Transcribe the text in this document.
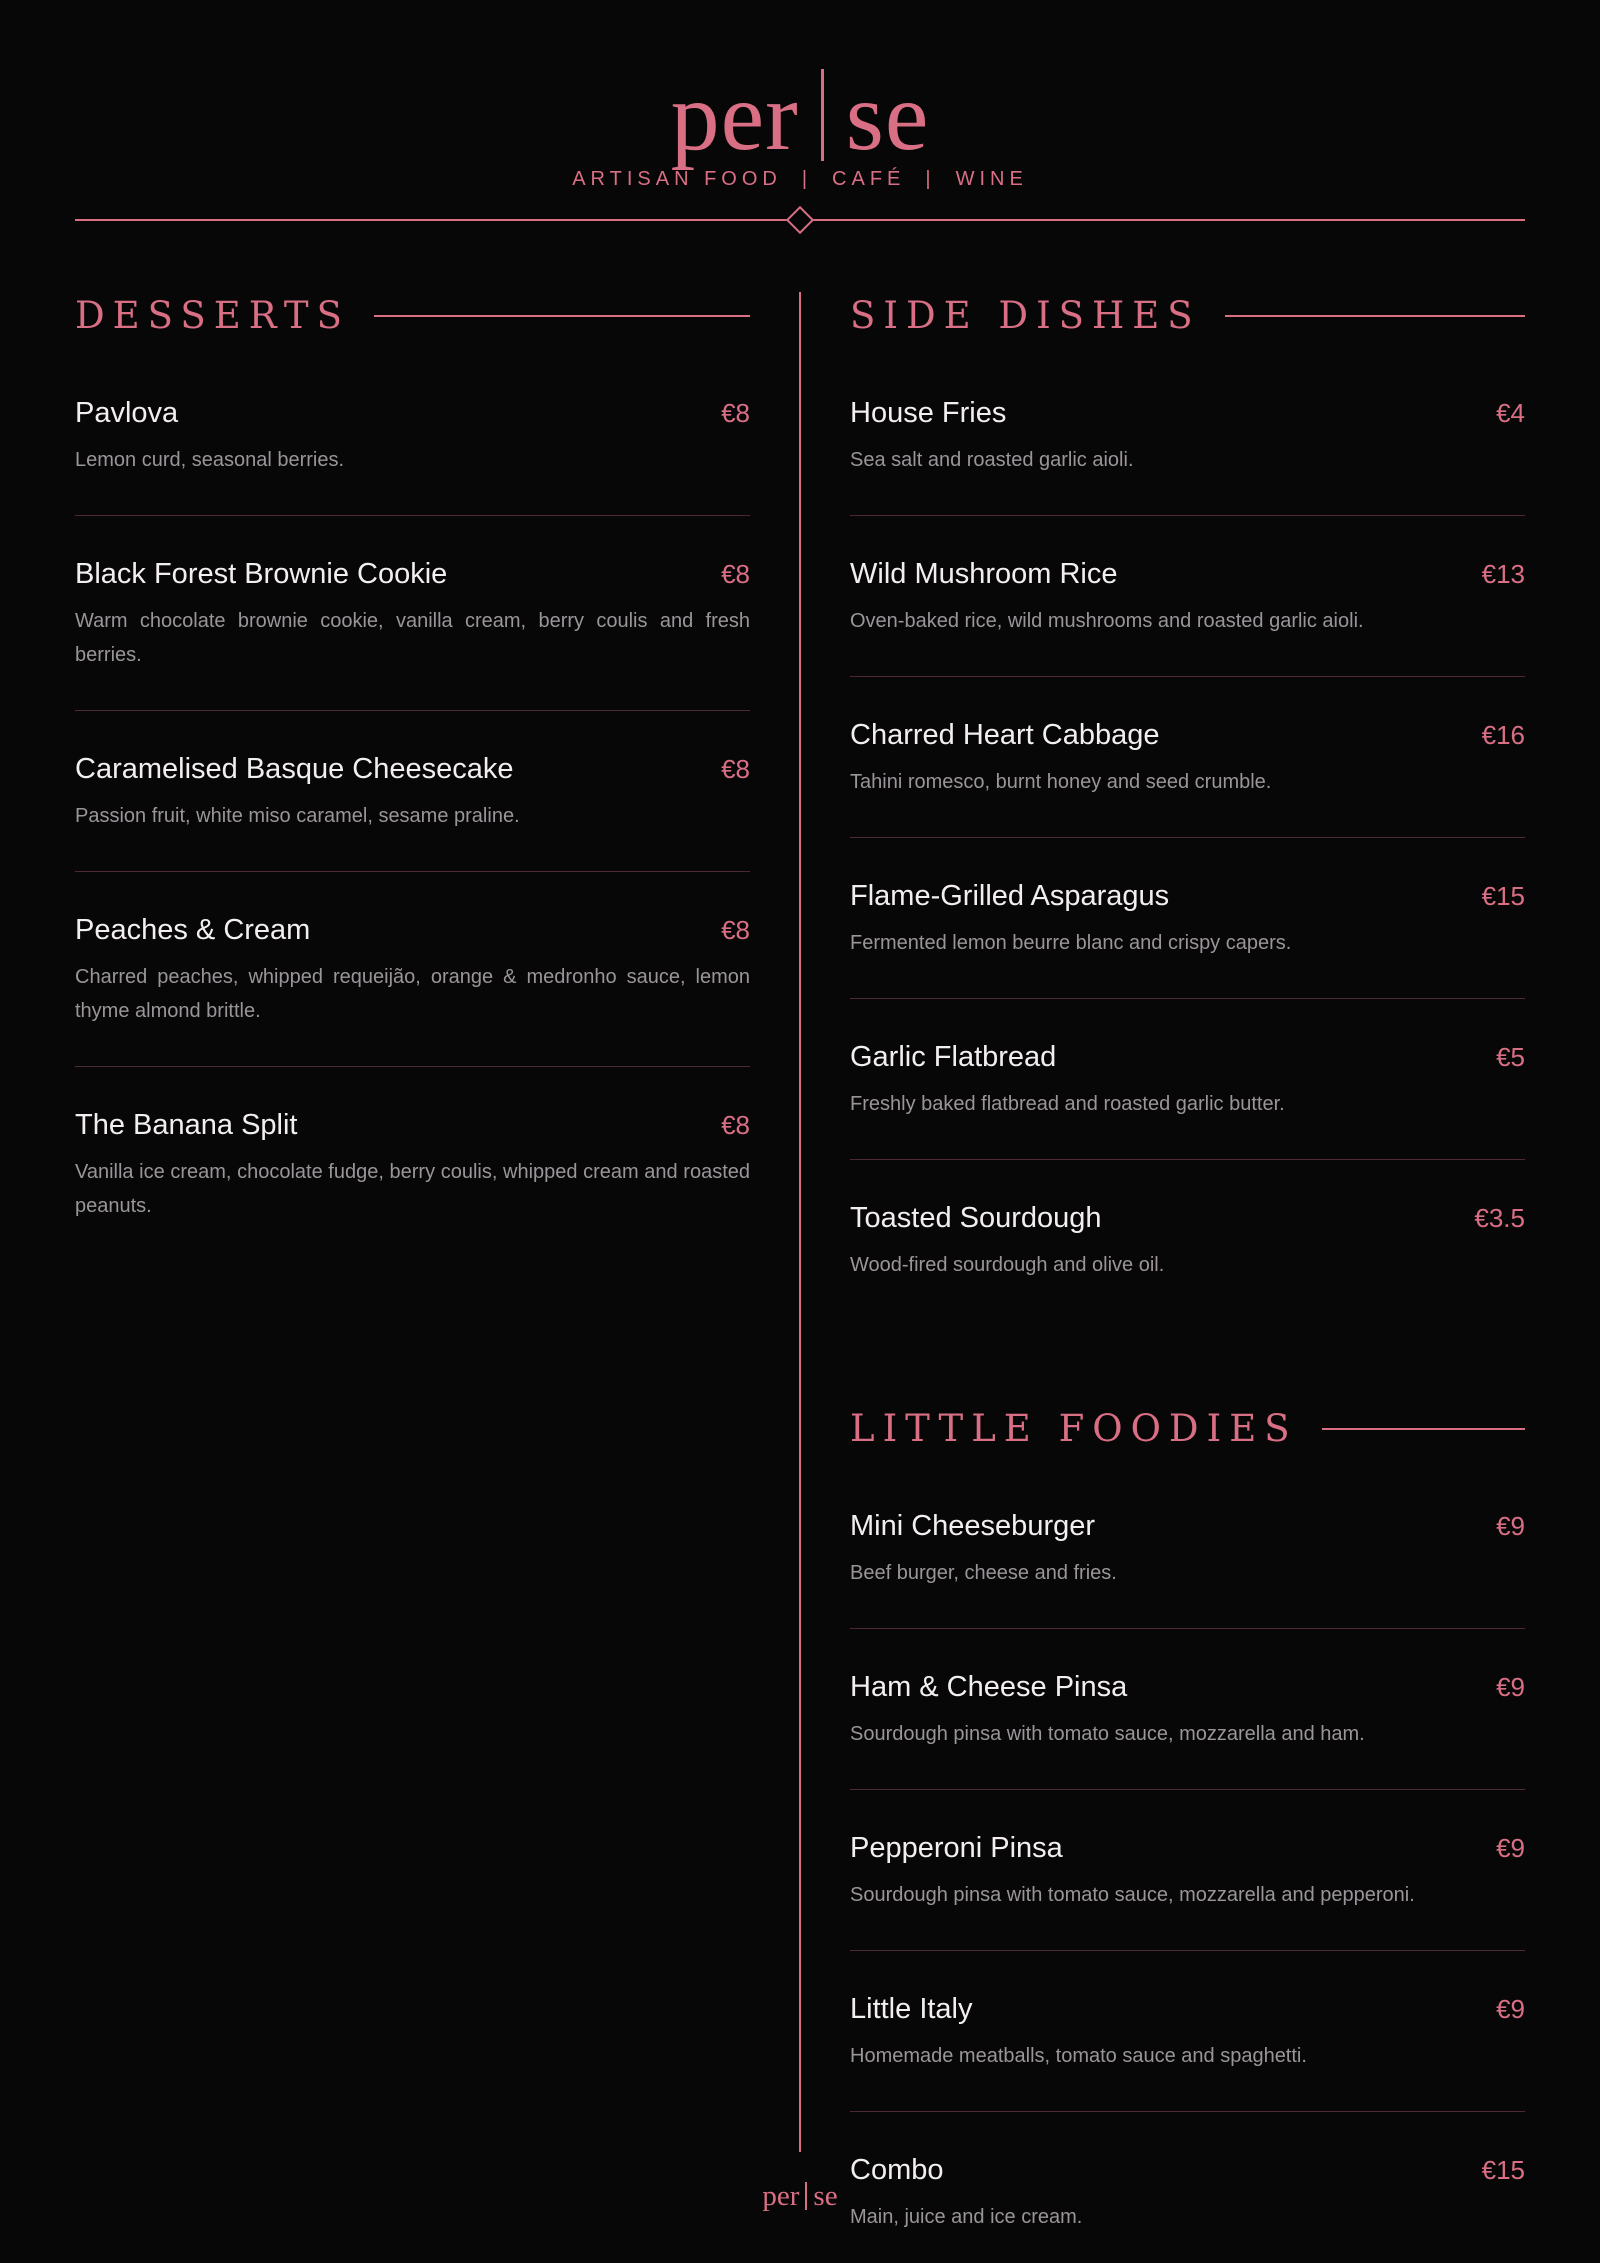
per se
ARTISAN FOOD | CAFÉ | WINE
DESSERTS
Pavlova	€8
Lemon curd, seasonal berries.
Black Forest Brownie Cookie	€8
Warm chocolate brownie cookie, vanilla cream, berry coulis and fresh berries.
Caramelised Basque Cheesecake	€8
Passion fruit, white miso caramel, sesame praline.
Peaches & Cream	€8
Charred peaches, whipped requeijão, orange & medronho sauce, lemon thyme almond brittle.
The Banana Split	€8
Vanilla ice cream, chocolate fudge, berry coulis, whipped cream and roasted peanuts.
SIDE DISHES
House Fries	€4
Sea salt and roasted garlic aioli.
Wild Mushroom Rice	€13
Oven-baked rice, wild mushrooms and roasted garlic aioli.
Charred Heart Cabbage	€16
Tahini romesco, burnt honey and seed crumble.
Flame-Grilled Asparagus	€15
Fermented lemon beurre blanc and crispy capers.
Garlic Flatbread	€5
Freshly baked flatbread and roasted garlic butter.
Toasted Sourdough	€3.5
Wood-fired sourdough and olive oil.
LITTLE FOODIES
Mini Cheeseburger	€9
Beef burger, cheese and fries.
Ham & Cheese Pinsa	€9
Sourdough pinsa with tomato sauce, mozzarella and ham.
Pepperoni Pinsa	€9
Sourdough pinsa with tomato sauce, mozzarella and pepperoni.
Little Italy	€9
Homemade meatballs, tomato sauce and spaghetti.
Combo	€15
Main, juice and ice cream.
per se
